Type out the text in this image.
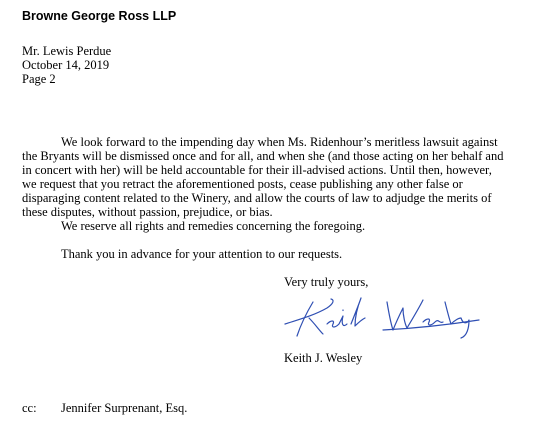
Browne George Ross LLP
Mr. Lewis Perdue
October 14, 2019
Page 2
We look forward to the impending day when Ms. Ridenhour’s meritless lawsuit against
the Bryants will be dismissed once and for all, and when she (and those acting on her behalf and
in concert with her) will be held accountable for their ill-advised actions. Until then, however,
we request that you retract the aforementioned posts, cease publishing any other false or
disparaging content related to the Winery, and allow the courts of law to adjudge the merits of
these disputes, without passion, prejudice, or bias.
We reserve all rights and remedies concerning the foregoing.
Thank you in advance for your attention to our requests.
Very truly yours,
Keith J. Wesley
cc: Jennifer Surprenant, Esq.
